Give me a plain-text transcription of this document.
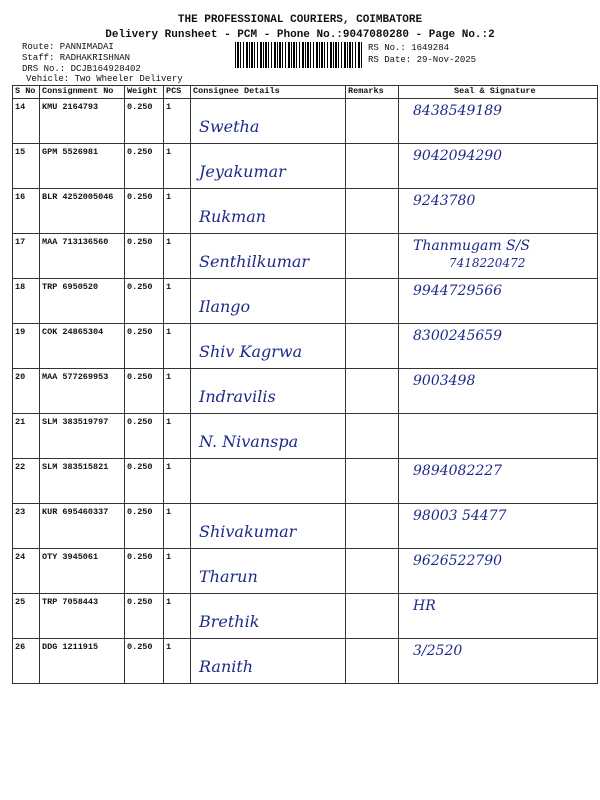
THE PROFESSIONAL COURIERS, COIMBATORE
Delivery Runsheet - PCM - Phone No.:9047080280 - Page No.:2
Route: PANNIMADAI
Staff: RADHAKRISHNAN
DRS No.: DCJB164928402
Vehicle: Two Wheeler Delivery
RS No.: 1649284
RS Date: 29-Nov-2025
S No	Consignment No	Weight	PCS	Consignee Details	Remarks	Seal & Signature
14	KMU 2164793	0.250	1	Swetha		8438549189

15	GPM 5526981	0.250	1	Jeyakumar		9042094290

16	BLR 4252005046	0.250	1	Rukman		9243780

17	MAA 713136560	0.250	1	Senthilkumar		Thanmugam S/S
7418220472

18	TRP 6950520	0.250	1	Ilango		9944729566

19	COK 24865304	0.250	1	Shiv Kagrwa		8300245659

20	MAA 577269953	0.250	1	Indravilis		9003498

21	SLM 383519797	0.250	1	N. Nivanspa		

22	SLM 383515821	0.250	1			9894082227

23	KUR 695460337	0.250	1	Shivakumar		98003 54477

24	OTY 3945061	0.250	1	Tharun		9626522790

25	TRP 7058443	0.250	1	Brethik		HR

26	DDG 1211915	0.250	1	Ranith		3/2520
